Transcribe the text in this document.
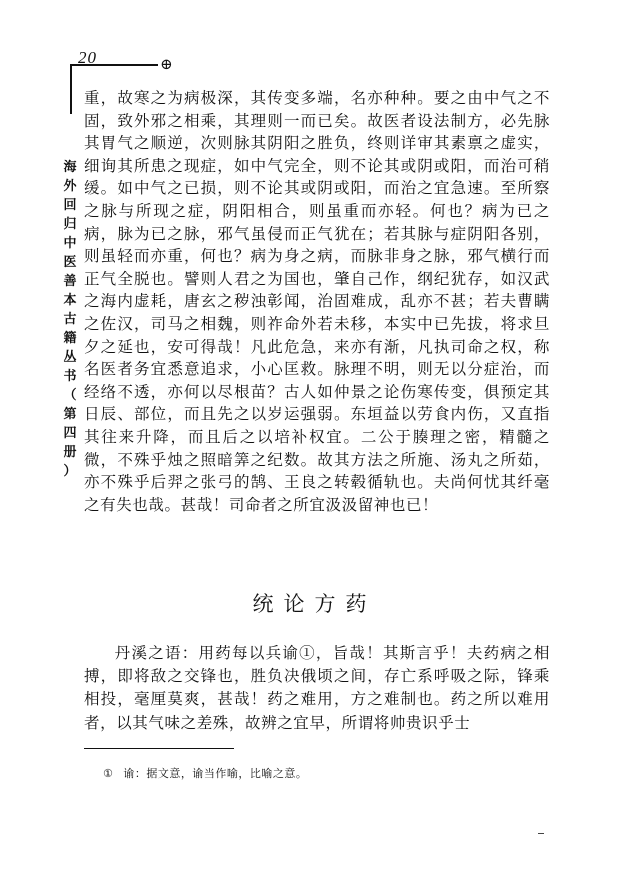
20	⊕
海
外
回
归
中
医
善
本
古
籍
丛
书
（
第
四
册
）

重，故寒之为病极深，其传变多端，名亦种种。要之由中气之不固，致外邪之相乘，其理则一而已矣。故医者设法制方，必先脉其胃气之顺逆，次则脉其阴阳之胜负，终则详审其素禀之虚实，细询其所患之现症，如中气完全，则不论其或阴或阳，而治可稍缓。如中气之已损，则不论其或阴或阳，而治之宜急速。至所察之脉与所现之症，阴阳相合，则虽重而亦轻。何也？病为已之病，脉为已之脉，邪气虽侵而正气犹在；若其脉与症阴阳各别，则虽轻而亦重，何也？病为身之病，而脉非身之脉，邪气横行而正气全脱也。譬则人君之为国也，肇自己作，纲纪犹存，如汉武之海内虚耗，唐玄之秽浊彰闻，治固难成，乱亦不甚；若夫曹瞒之佐汉，司马之相魏，则祚命外若未移，本实中已先拔，将求旦夕之延也，安可得哉！凡此危急，来亦有渐，凡执司命之权，称名医者务宜悉意追求，小心匡救。脉理不明，则无以分症治，而经络不透，亦何以尽根苗？古人如仲景之论伤寒传变，俱预定其日辰、部位，而且先之以岁运强弱。东垣益以劳食内伤，又直指其往来升降，而且后之以培补权宜。二公于腠理之密，精髓之微，不殊乎烛之照暗筭之纪数。故其方法之所施、汤丸之所茹，亦不殊乎后羿之张弓的鹄、王良之转毂循轨也。夫尚何忧其纤毫之有失也哉。甚哉！司命者之所宜汲汲留神也已！

统论方药

丹溪之语：用药每以兵谕①，旨哉！其斯言乎！夫药病之相搏，即将敌之交锋也，胜负决俄顷之间，存亡系呼吸之际，锋乘相投，毫厘莫爽，甚哉！药之难用，方之难制也。药之所以难用者，以其气味之差殊，故辨之宜早，所谓将帅贵识乎士

① 谕：据文意，谕当作喻，比喻之意。
